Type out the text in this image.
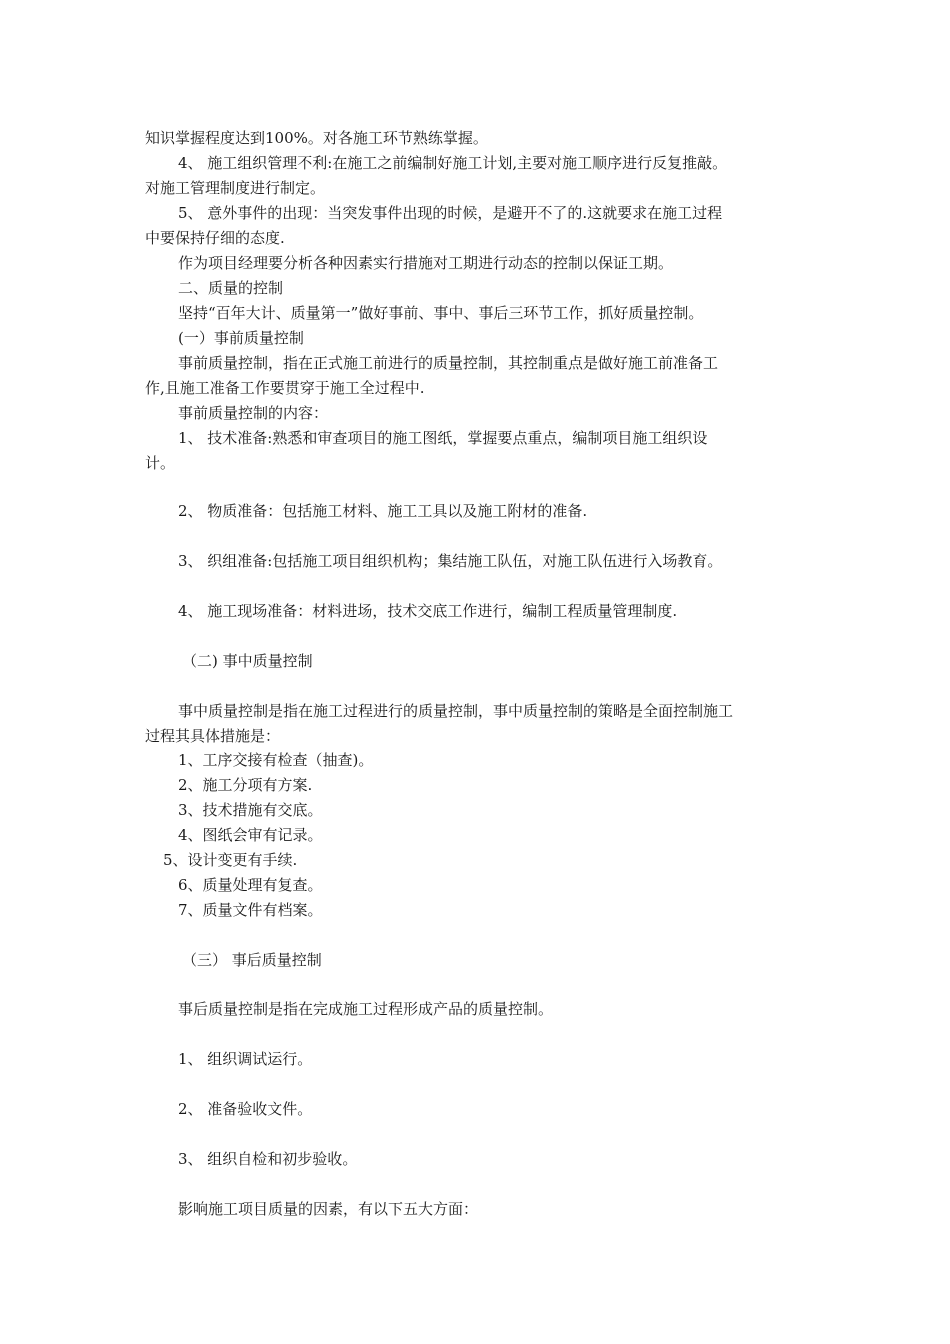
知识掌握程度达到100%。对各施工环节熟练掌握。
4、 施工组织管理不利:在施工之前编制好施工计划,主要对施工顺序进行反复推敲。
对施工管理制度进行制定。
5、 意外事件的出现：当突发事件出现的时候，是避开不了的.这就要求在施工过程
中要保持仔细的态度.
作为项目经理要分析各种因素实行措施对工期进行动态的控制以保证工期。
二、质量的控制
坚持“百年大计、质量第一”做好事前、事中、事后三环节工作，抓好质量控制。
(一）事前质量控制
事前质量控制，指在正式施工前进行的质量控制，其控制重点是做好施工前准备工
作,且施工准备工作要贯穿于施工全过程中.
事前质量控制的内容：
1、 技术准备:熟悉和审查项目的施工图纸，掌握要点重点，编制项目施工组织设
计。
2、 物质准备：包括施工材料、施工工具以及施工附材的准备.
3、 织组准备:包括施工项目组织机构；集结施工队伍，对施工队伍进行入场教育。
4、 施工现场准备：材料进场，技术交底工作进行，编制工程质量管理制度.
（二) 事中质量控制
事中质量控制是指在施工过程进行的质量控制，事中质量控制的策略是全面控制施工
过程其具体措施是：
1、工序交接有检查（抽查)。
2、施工分项有方案.
3、技术措施有交底。
4、图纸会审有记录。
5、设计变更有手续.
6、质量处理有复查。
7、质量文件有档案。
（三） 事后质量控制
事后质量控制是指在完成施工过程形成产品的质量控制。
1、 组织调试运行。
2、 准备验收文件。
3、 组织自检和初步验收。
影响施工项目质量的因素，有以下五大方面：
